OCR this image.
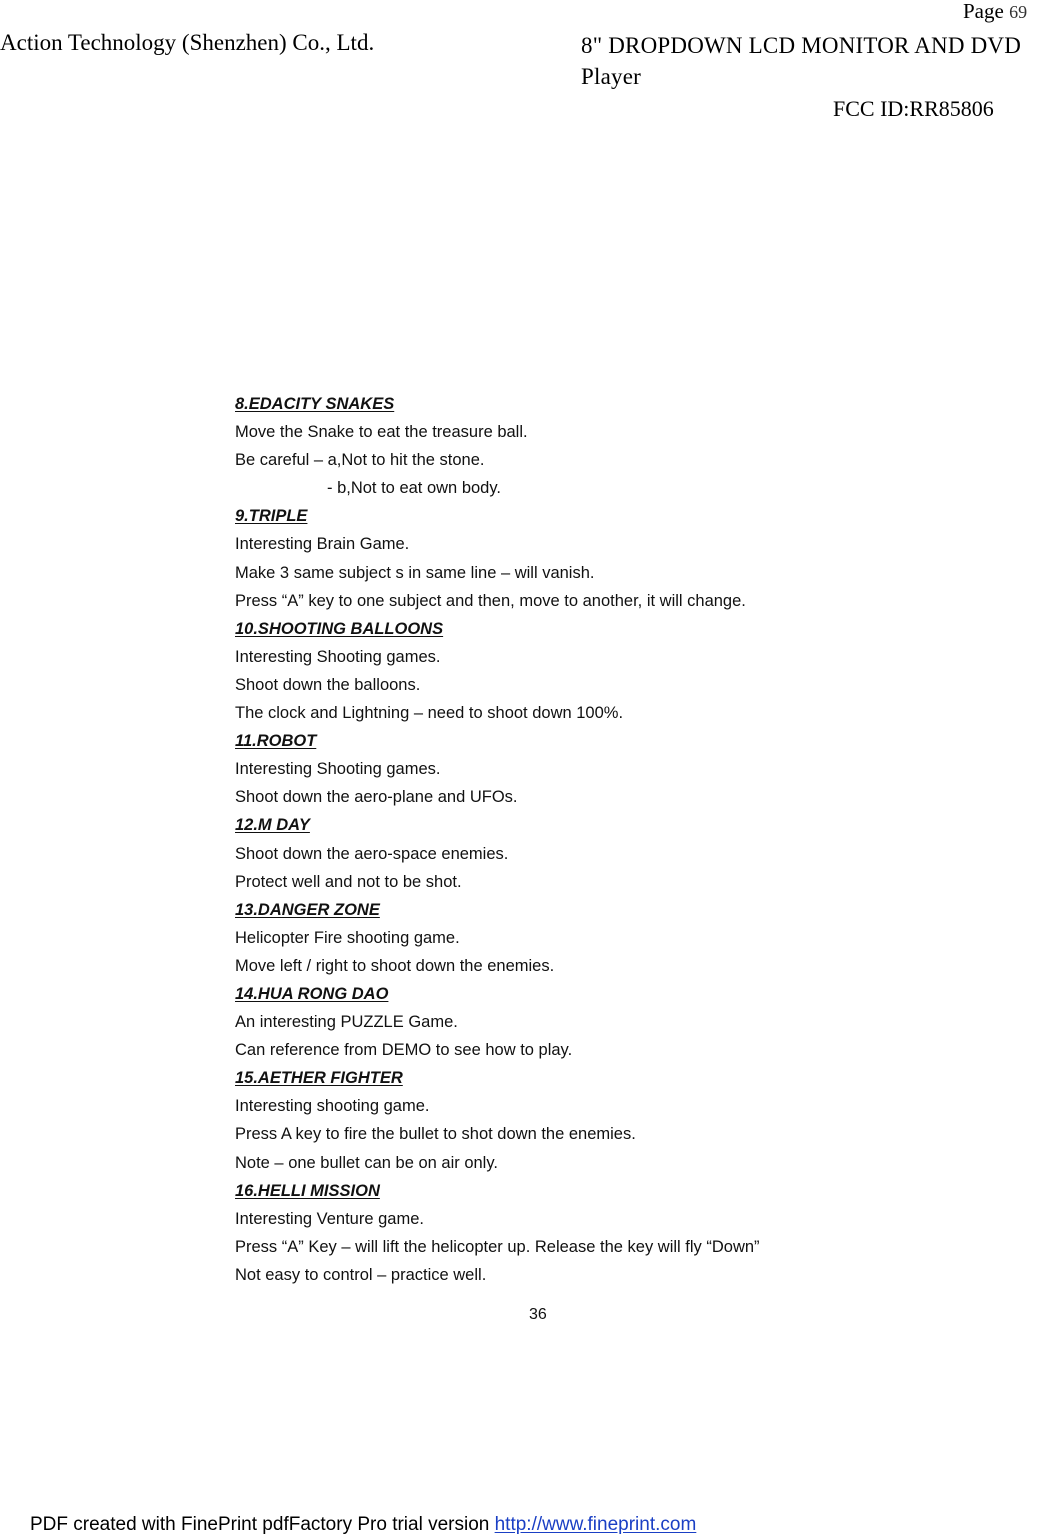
Page 69
Action Technology (Shenzhen) Co., Ltd.	8" DROPDOWN LCD MONITOR AND DVD Player
FCC ID:RR85806
8.EDACITY SNAKES
Move the Snake to eat the treasure ball.
Be careful – a,Not to hit the stone.
- b,Not to eat own body.
9.TRIPLE
Interesting Brain Game.
Make 3 same subject s in same line – will vanish.
Press “A” key to one subject and then, move to another, it will change.
10.SHOOTING BALLOONS
Interesting Shooting games.
Shoot down the balloons.
The clock and Lightning – need to shoot down 100%.
11.ROBOT
Interesting Shooting games.
Shoot down the aero-plane and UFOs.
12.M DAY
Shoot down the aero-space enemies.
Protect well and not to be shot.
13.DANGER ZONE
Helicopter Fire shooting game.
Move left / right to shoot down the enemies.
14.HUA RONG DAO
An interesting PUZZLE Game.
Can reference from DEMO to see how to play.
15.AETHER FIGHTER
Interesting shooting game.
Press A key to fire the bullet to shot down the enemies.
Note – one bullet can be on air only.
16.HELLI MISSION
Interesting Venture game.
Press “A” Key – will lift the helicopter up. Release the key will fly “Down”
Not easy to control – practice well.
36
PDF created with FinePrint pdfFactory Pro trial version http://www.fineprint.com
